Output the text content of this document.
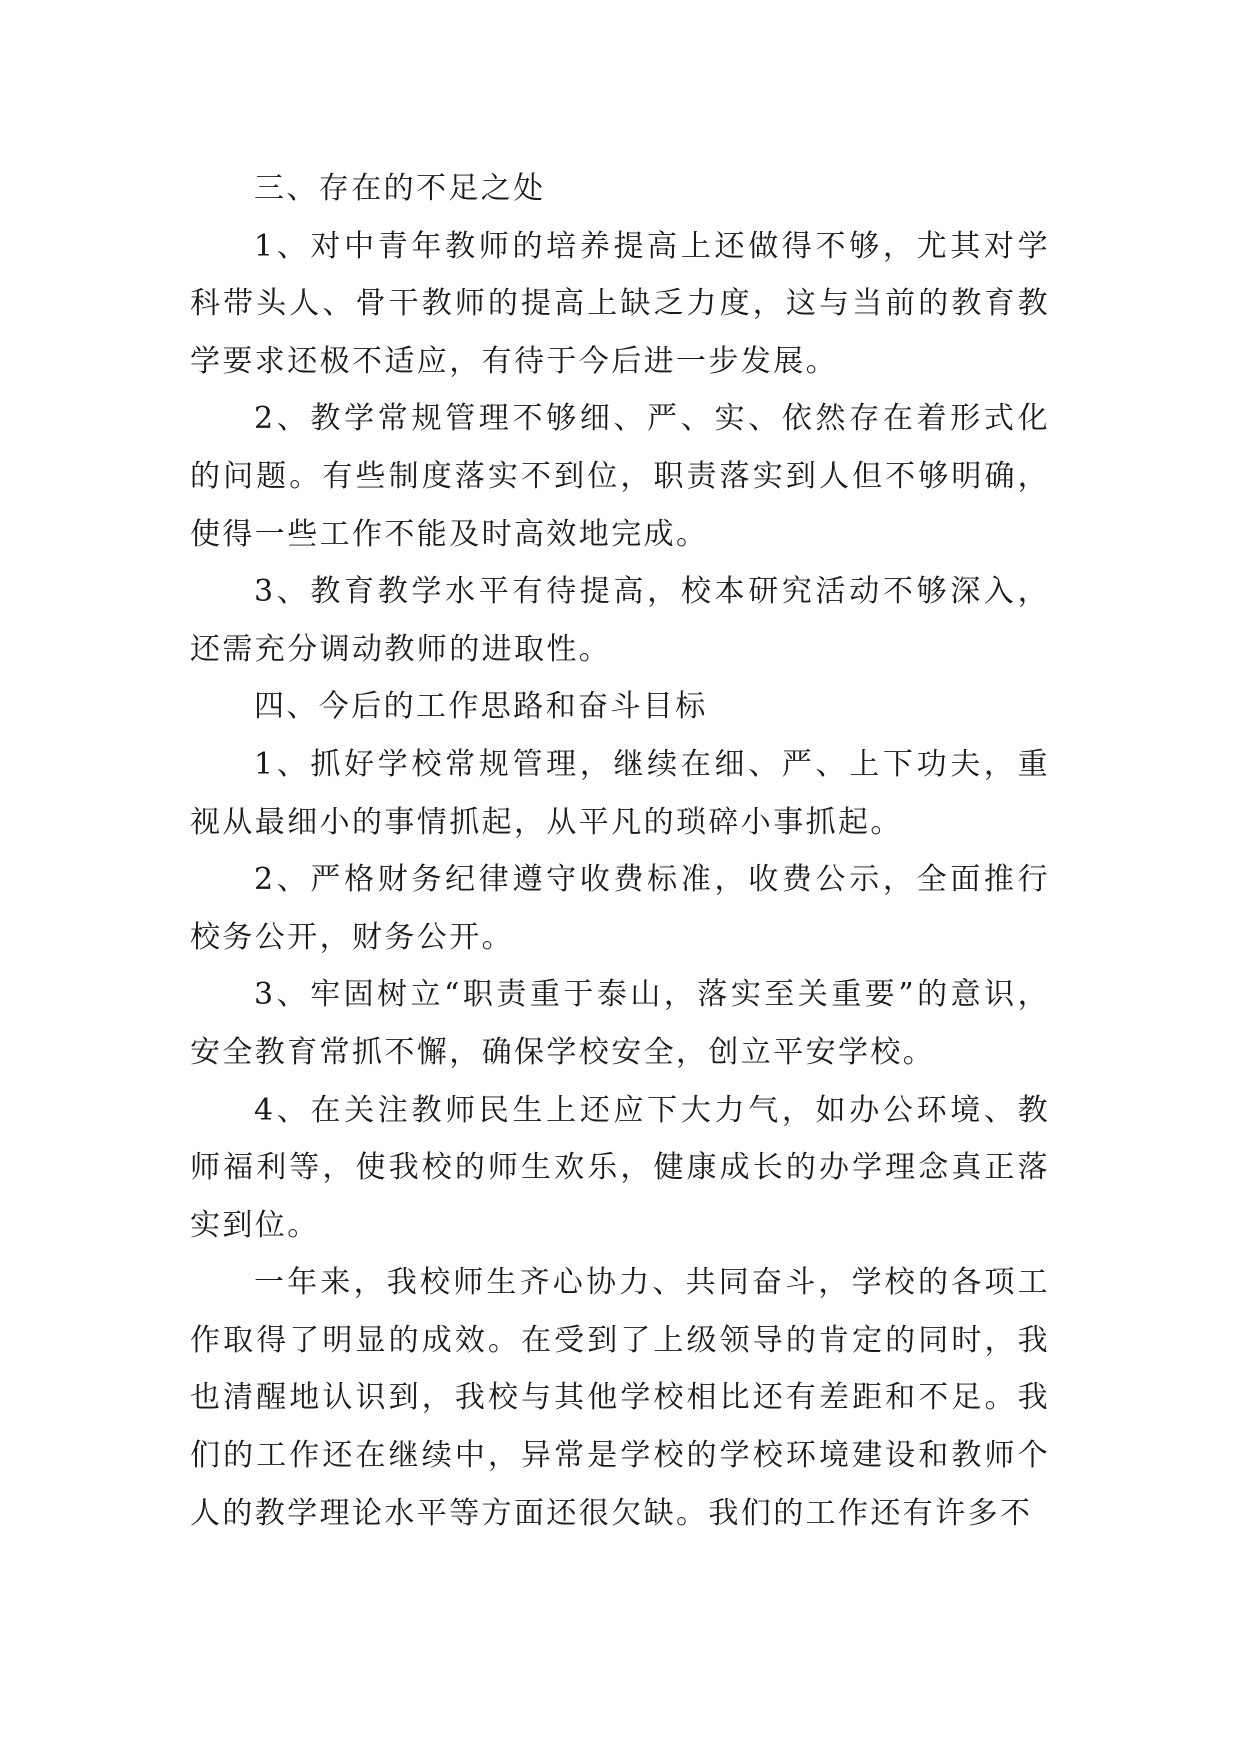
三、存在的不足之处

1、对中青年教师的培养提高上还做得不够，尤其对学科带头人、骨干教师的提高上缺乏力度，这与当前的教育教学要求还极不适应，有待于今后进一步发展。

2、教学常规管理不够细、严、实、依然存在着形式化的问题。有些制度落实不到位，职责落实到人但不够明确，使得一些工作不能及时高效地完成。

3、教育教学水平有待提高，校本研究活动不够深入，还需充分调动教师的进取性。

四、今后的工作思路和奋斗目标

1、抓好学校常规管理，继续在细、严、上下功夫，重视从最细小的事情抓起，从平凡的琐碎小事抓起。

2、严格财务纪律遵守收费标准，收费公示，全面推行校务公开，财务公开。

3、牢固树立“职责重于泰山，落实至关重要”的意识，安全教育常抓不懈，确保学校安全，创立平安学校。

4、在关注教师民生上还应下大力气，如办公环境、教师福利等，使我校的师生欢乐，健康成长的办学理念真正落实到位。

一年来，我校师生齐心协力、共同奋斗，学校的各项工作取得了明显的成效。在受到了上级领导的肯定的同时，我也清醒地认识到，我校与其他学校相比还有差距和不足。我们的工作还在继续中，异常是学校的学校环境建设和教师个人的教学理论水平等方面还很欠缺。我们的工作还有许多不
